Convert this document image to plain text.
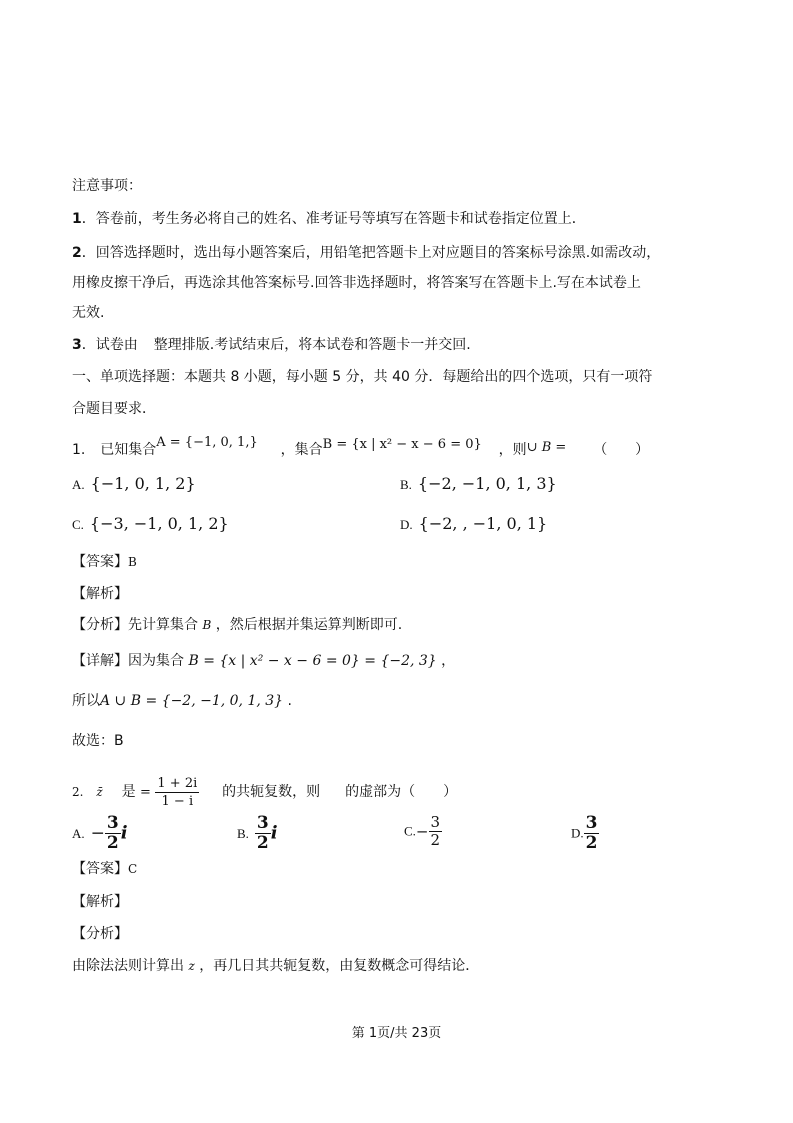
注意事项：
1．答卷前，考生务必将自己的姓名、准考证号等填写在答题卡和试卷指定位置上．
2．回答选择题时，选出每小题答案后，用铅笔把答题卡上对应题目的答案标号涂黑.如需改动，
用橡皮擦干净后，再选涂其他答案标号.回答非选择题时，将答案写在答题卡上.写在本试卷上
无效.
3．试卷由 整理排版.考试结束后，将本试卷和答题卡一并交回.
一、单项选择题：本题共 8 小题，每小题 5 分，共 40 分．每题给出的四个选项，只有一项符
合题目要求．
1. 已知集合A = {−1, 0, 1,} ，集合B = {x | x² − x − 6 = 0} ，则∪ B = （　　）
A. {−1, 0, 1, 2}	B. {−2, −1, 0, 1, 3}
C. {−3, −1, 0, 1, 2}	D. {−2, , −1, 0, 1}
【答案】B
【解析】
【分析】先计算集合 B ，然后根据并集运算判断即可.
【详解】因为集合 B = {x | x² − x − 6 = 0} = {−2, 3} ，
所以A ∪ B = {−2, −1, 0, 1, 3} .
故选：B
2. z̄ 是 = $\frac{1 + 2i}{1 - i}$ 的共轭复数，则 的虚部为（　　）
A. − $\frac{3}{2}$ i	B. $\frac{3}{2}$ i	$C.- \frac{3}{2}$	D. $\frac{3}{2}$
【答案】C
【解析】
【分析】
由除法法则计算出 z ，再几日其共轭复数，由复数概念可得结论．
第 1页/共 23页
